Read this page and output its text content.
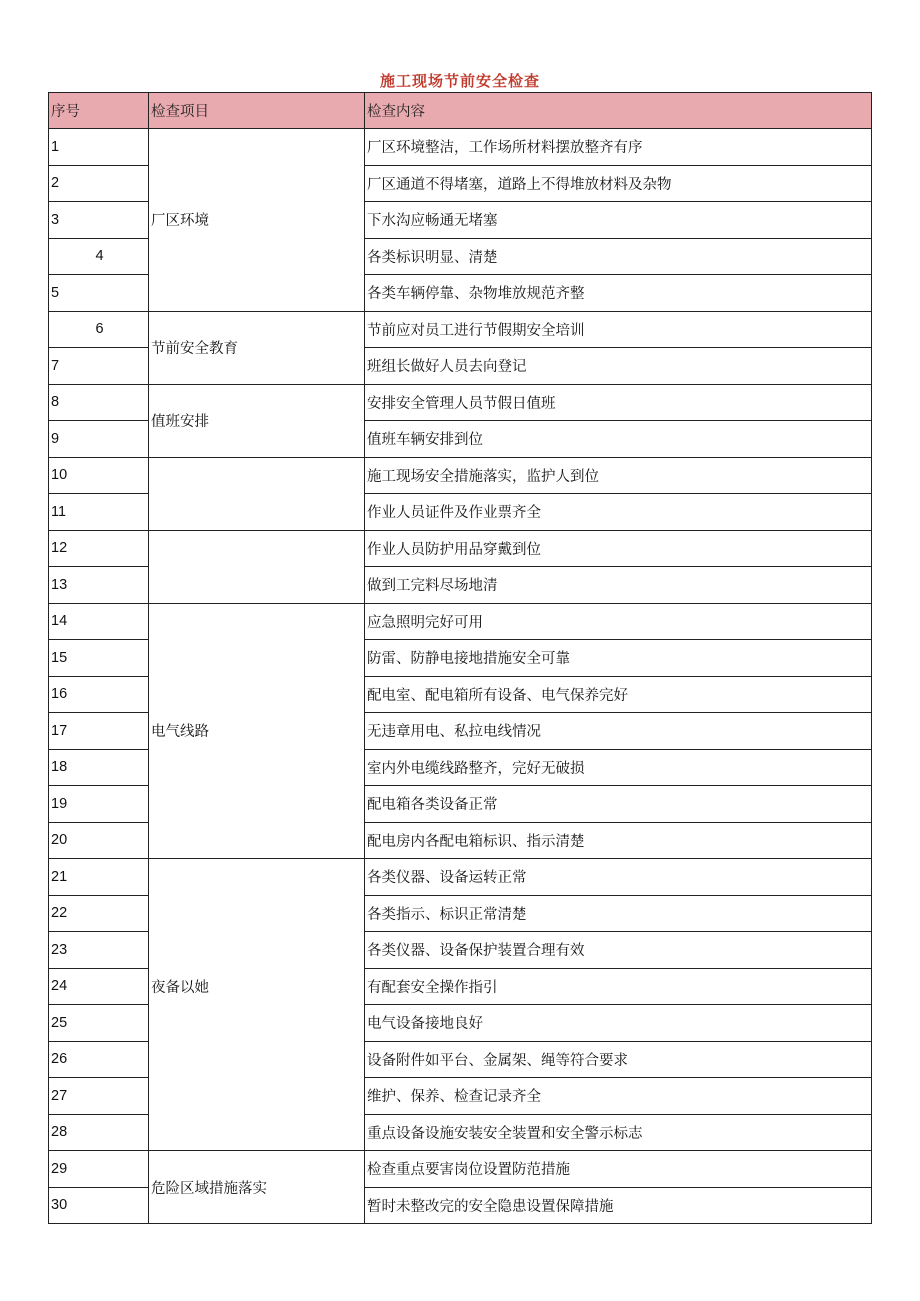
施工现场节前安全检查
序号	检查项目	检查内容
1	厂区环境	厂区环境整洁，工作场所材料摆放整齐有序
2		厂区通道不得堵塞，道路上不得堆放材料及杂物
3		下水沟应畅通无堵塞
4		各类标识明显、清楚
5		各类车辆停靠、杂物堆放规范齐整
6	节前安全教育	节前应对员工进行节假期安全培训
7		班组长做好人员去向登记
8	值班安排	安排安全管理人员节假日值班
9		值班车辆安排到位
10		施工现场安全措施落实，监护人到位
11		作业人员证件及作业票齐全
12		作业人员防护用品穿戴到位
13		做到工完料尽场地清
14	电气线路	应急照明完好可用
15		防雷、防静电接地措施安全可靠
16		配电室、配电箱所有设备、电气保养完好
17		无违章用电、私拉电线情况
18		室内外电缆线路整齐，完好无破损
19		配电箱各类设备正常
20		配电房内各配电箱标识、指示清楚
21	夜备以她	各类仪器、设备运转正常
22		各类指示、标识正常清楚
23		各类仪器、设备保护装置合理有效
24		有配套安全操作指引
25		电气设备接地良好
26		设备附件如平台、金属架、绳等符合要求
27		维护、保养、检查记录齐全
28		重点设备设施安装安全装置和安全警示标志
29	危险区域措施落实	检查重点要害岗位设置防范措施
30		暂时未整改完的安全隐患设置保障措施
